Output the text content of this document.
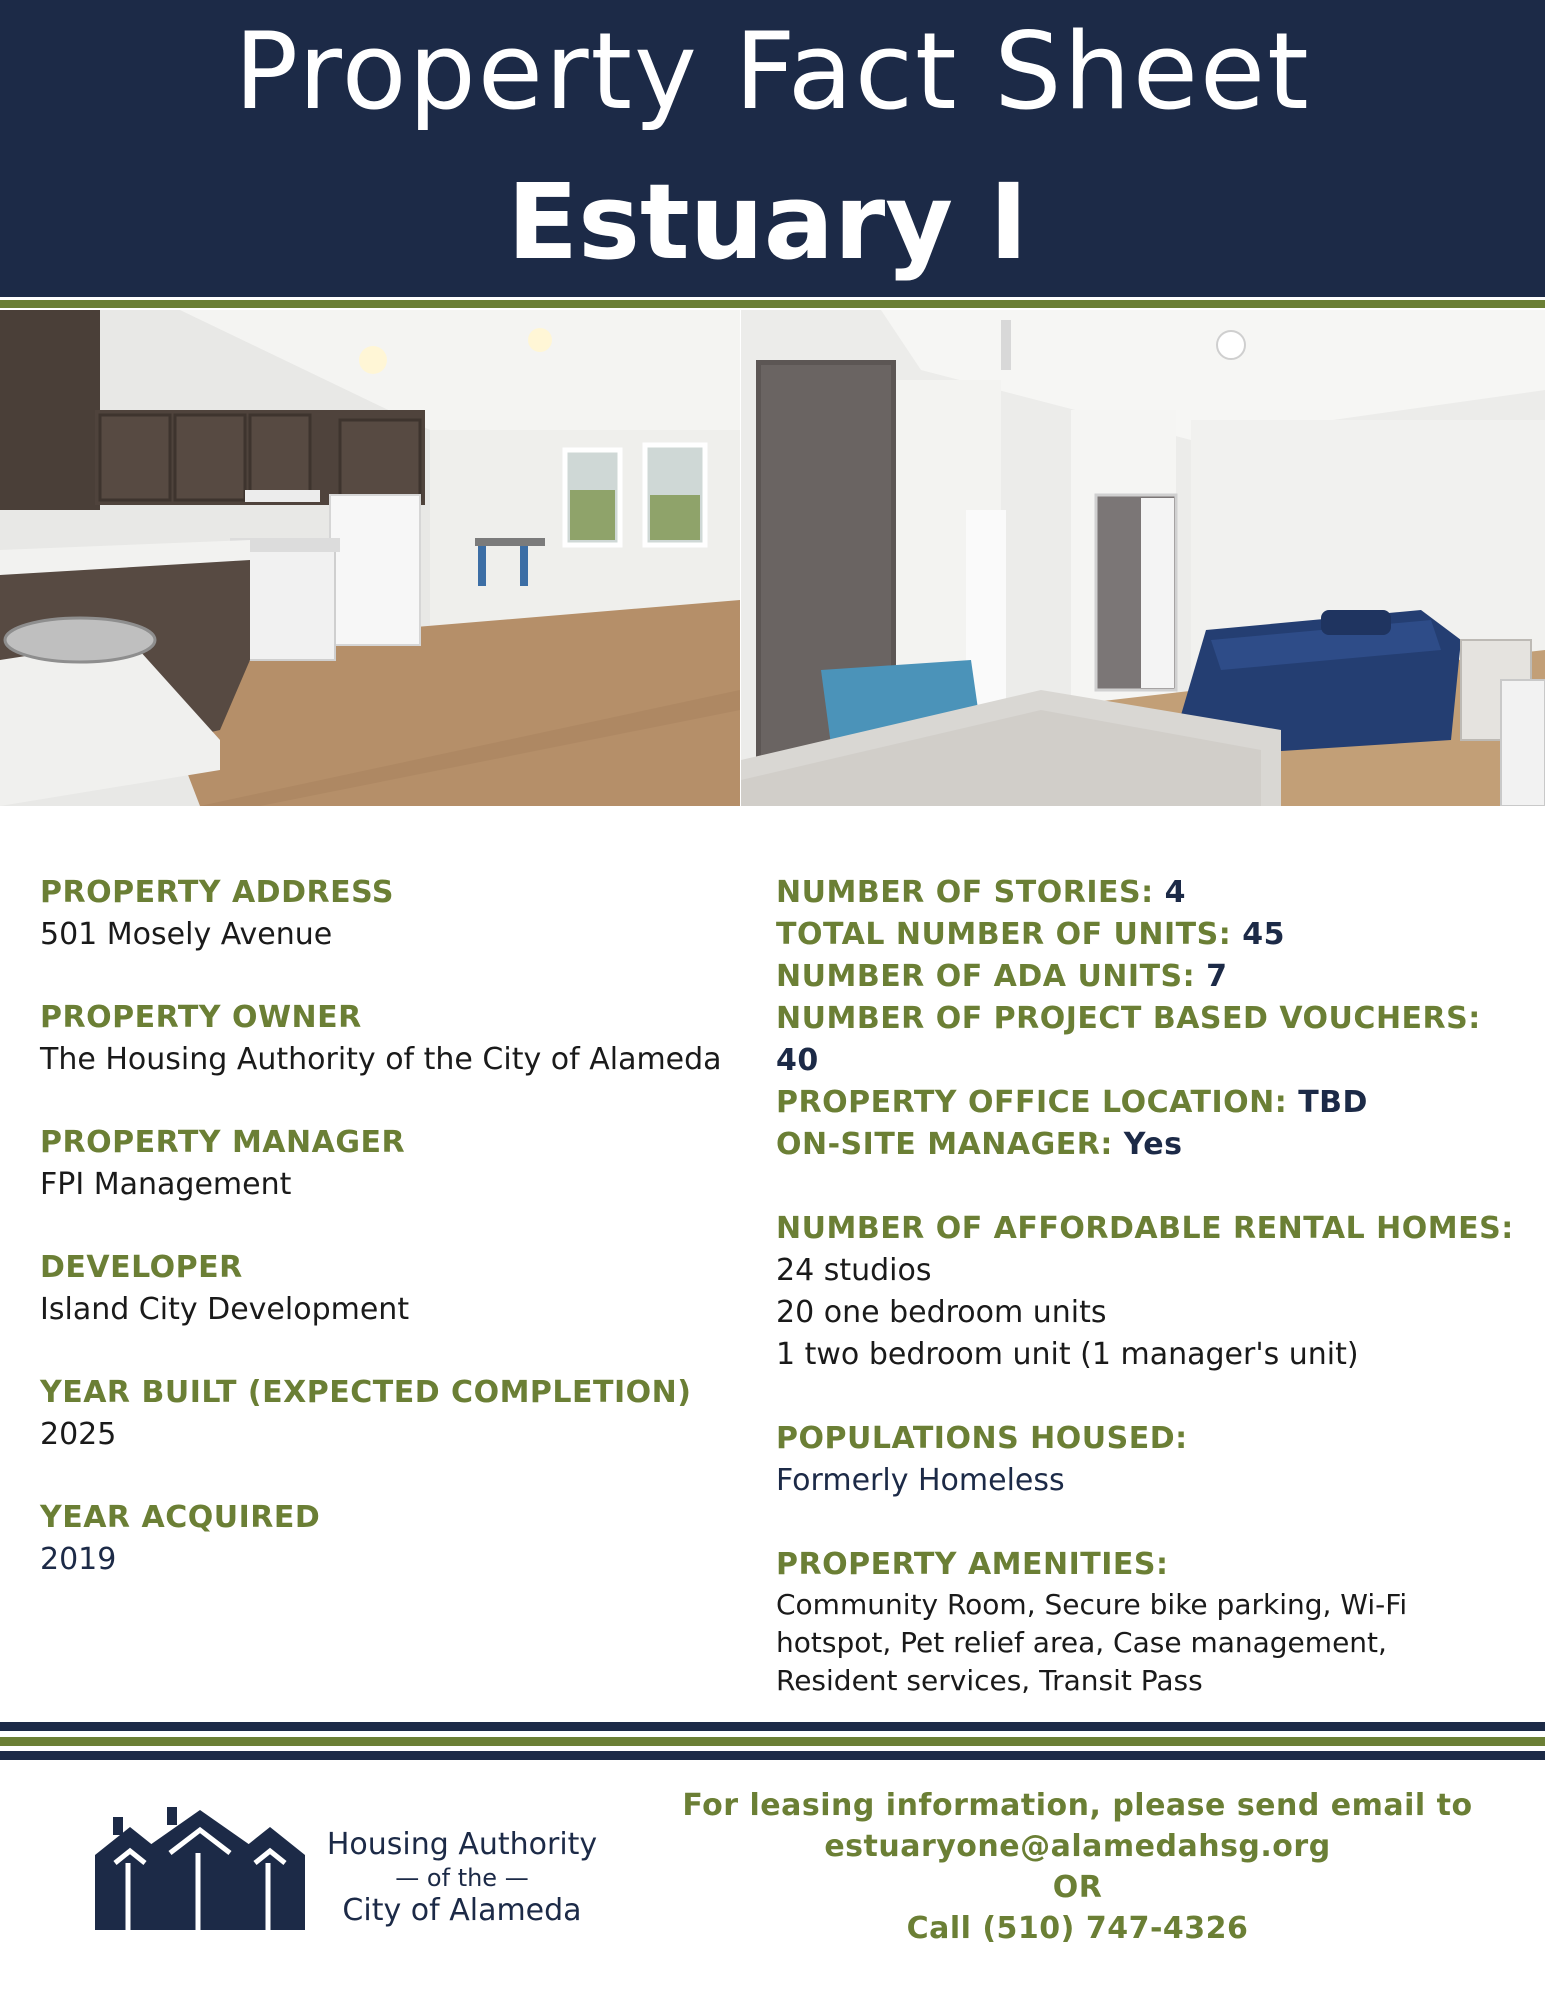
Property Fact Sheet
Estuary I
PROPERTY ADDRESS
501 Mosely Avenue
PROPERTY OWNER
The Housing Authority of the City of Alameda
PROPERTY MANAGER
FPI Management
DEVELOPER
Island City Development
YEAR BUILT (EXPECTED COMPLETION)
2025
YEAR ACQUIRED
2019
NUMBER OF STORIES: 4
TOTAL NUMBER OF UNITS: 45
NUMBER OF ADA UNITS: 7
NUMBER OF PROJECT BASED VOUCHERS:
40
PROPERTY OFFICE LOCATION: TBD
ON-SITE MANAGER: Yes
NUMBER OF AFFORDABLE RENTAL HOMES:
24 studios
20 one bedroom units
1 two bedroom unit (1 manager's unit)
POPULATIONS HOUSED:
Formerly Homeless
PROPERTY AMENITIES:
Community Room, Secure bike parking, Wi-Fi
hotspot, Pet relief area, Case management,
Resident services, Transit Pass
Housing Authority
— of the —
City of Alameda
For leasing information, please send email to
estuaryone@alamedahsg.org
OR
Call (510) 747-4326
